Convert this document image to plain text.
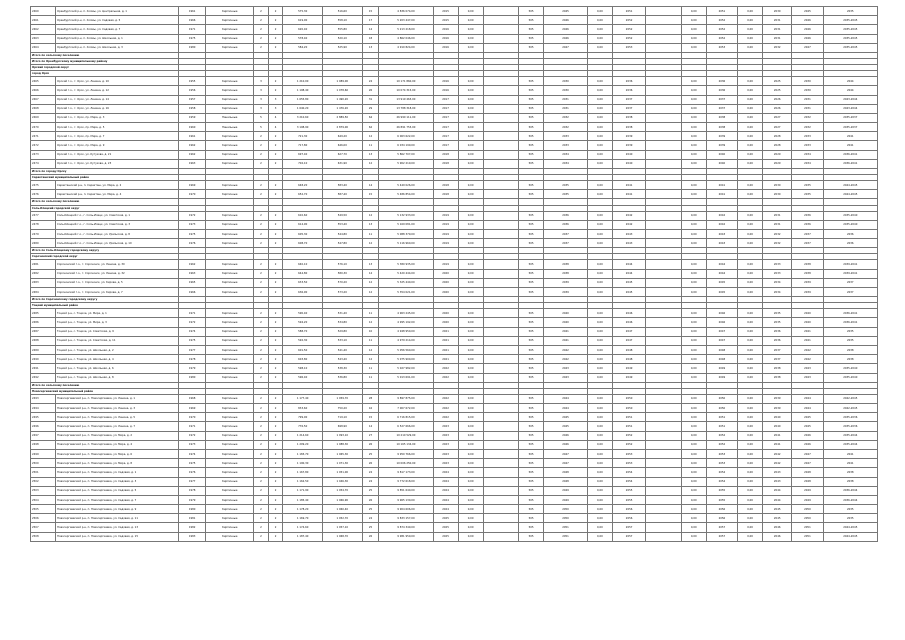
2460	Оренбургский р-н, п. Холмы, ул. Центральная, д. 1	1961	Кирпичные	2	2	575,30	516,60	15	4 836 074,00	2015	0,00		505	2045	0,00	2051		0,00	2051	0,00	2030	2045	2035
2461	Оренбургский р-н, п. Холмы, ул. Садовая, д. 5	1966	Кирпичные	2	2	619,00	558,10	17	5 203 447,00	2015	0,00		505	2046	0,00	2052		0,00	2052	0,00	2031	2046	2035-2045
2462	Оренбургский р-н, п. Холмы, ул. Садовая, д. 7	1971	Кирпичные	2	2	620,40	555,80	14	5 213 218,00	2016	0,00		505	2046	0,00	2052		0,00	2052	0,00	2031	2046	2035-2045
2463	Оренбургский р-н, п. Холмы, ул. Школьная, д. 1	1975	Кирпичные	2	2	578,40	520,10	18	4 862 046,00	2016	0,00		505	2046	0,00	2052		0,00	2052	0,00	2031	2046	2035-2045
2464	Оренбургский р-н, п. Холмы, ул. Школьная, д. 3	1980	Кирпичные	2	2	584,20	525,90	13	4 910 824,00	2016	0,00		505	2047	0,00	2053		0,00	2053	0,00	2032	2047	2035-2045
Итого по сельскому поселению																							
Итого по Оренбургскому муниципальному району																							
Орский городской округ																							
город Орск																							
2465	Орский г.о., г. Орск, ул. Ленина, д. 10	1955	Кирпичные	3	2	1 210,00	1 089,00	24	10 171 860,00	2016	0,00		505	2030	0,00	2036		0,00	2036	0,00	2025	2030	2044
2466	Орский г.о., г. Орск, ул. Ленина, д. 12	1956	Кирпичные	3	2	1 198,40	1 078,60	26	10 074 315,00	2016	0,00		505	2030	0,00	2036		0,00	2036	0,00	2025	2030	2044
2467	Орский г.о., г. Орск, ул. Ленина, д. 14	1957	Кирпичные	3	3	1 655,80	1 490,20	31	13 919 463,00	2017	0,00		505	2031	0,00	2037		0,00	2037	0,00	2026	2031	2043-2044
2468	Орский г.о., г. Орск, ул. Ленина, д. 16	1958	Кирпичные	3	3	1 640,20	1 476,20	29	13 788 318,00	2017	0,00		505	2031	0,00	2037		0,00	2037	0,00	2026	2031	2043-2044
2469	Орский г.о., г. Орск, пр. Мира, д. 3	1959	Панельные	5	4	3 210,60	2 889,50	64	26 990 111,00	2017	0,00		505	2032	0,00	2038		0,00	2038	0,00	2027	2032	2035-2037
2470	Орский г.о., г. Орск, пр. Мира, д. 5	1960	Панельные	5	4	3 198,90	2 879,00	62	26 891 753,00	2017	0,00		505	2032	0,00	2038		0,00	2038	0,00	2027	2032	2035-2037
2471	Орский г.о., г. Орск, пр. Мира, д. 7	1961	Кирпичные	2	2	721,30	649,20	12	6 063 622,00	2017	0,00		505	2033	0,00	2039		0,00	2039	0,00	2028	2033	2041
2472	Орский г.о., г. Орск, пр. Мира, д. 9	1962	Кирпичные	2	2	717,80	646,00	11	6 034 199,00	2017	0,00		505	2033	0,00	2039		0,00	2039	0,00	2028	2033	2041
2473	Орский г.о., г. Орск, ул. Кутузова, д. 21	1962	Кирпичные	2	2	697,40	627,70	13	5 862 707,00	2018	0,00		505	2034	0,00	2040		0,00	2040	0,00	2029	2034	2036-2041
2474	Орский г.о., г. Орск, ул. Кутузова, д. 23	1963	Кирпичные	2	2	702,10	631,90	12	5 902 219,00	2018	0,00		505	2034	0,00	2040		0,00	2040	0,00	2029	2034	2036-2041
Итого по городу Орску																							
Саракташский муниципальный район																							
2475	Саракташский р-н, п. Саракташ, ул. Мира, д. 2	1969	Кирпичные	2	2	648,20	583,40	14	5 449 026,00	2018	0,00		505	2035	0,00	2041		0,00	2041	0,00	2030	2035	2044-2045
2476	Саракташский р-н, п. Саракташ, ул. Мира, д. 4	1970	Кирпичные	2	2	652,70	587,40	15	5 486 854,00	2018	0,00		505	2035	0,00	2041		0,00	2041	0,00	2030	2035	2044-2045
Итого по сельскому поселению																							
Соль-Илецкий городской округ																							
2477	Соль-Илецкий г.о., г. Соль-Илецк, ул. Советская, д. 1	1972	Кирпичные	2	2	610,60	549,50	12	5 132 933,00	2019	0,00		505	2036	0,00	2042		0,00	2042	0,00	2031	2036	2035-2040
2478	Соль-Илецкий г.о., г. Соль-Илецк, ул. Советская, д. 3	1973	Кирпичные	2	2	614,90	553,40	13	5 169 081,00	2019	0,00		505	2036	0,00	2042		0,00	2042	0,00	2031	2036	2035-2040
2479	Соль-Илецкий г.о., г. Соль-Илецк, ул. Уральская, д. 8	1975	Кирпичные	2	2	605,30	544,80	11	5 088 379,00	2019	0,00		505	2037	0,00	2043		0,00	2043	0,00	2032	2037	2036
2480	Соль-Илецкий г.о., г. Соль-Илецк, ул. Уральская, д. 10	1976	Кирпичные	2	2	608,70	547,80	12	5 116 960,00	2019	0,00		505	2037	0,00	2043		0,00	2043	0,00	2032	2037	2036
Итого по Соль-Илецкому городскому округу																							
Сорочинский городской округ																							
2481	Сорочинский г.о., г. Сорочинск, ул. Ленина, д. 30	1962	Кирпичные	2	2	640,10	576,10	13	5 380 935,00	2019	0,00		505	2038	0,00	2044		0,00	2044	0,00	2033	2038	2039-2041
2482	Сорочинский г.о., г. Сорочинск, ул. Ленина, д. 32	1963	Кирпичные	2	2	644,80	580,30	14	5 420 444,00	2020	0,00		505	2038	0,00	2044		0,00	2044	0,00	2033	2038	2039-2041
2483	Сорочинский г.о., г. Сорочинск, ул. Кирова, д. 5	1965	Кирпичные	2	2	633,50	570,20	12	5 325 440,00	2020	0,00		505	2039	0,00	2045		0,00	2045	0,00	2034	2039	2037
2484	Сорочинский г.о., г. Сорочинск, ул. Кирова, д. 7	1966	Кирпичные	2	2	636,90	573,20	12	5 354 021,00	2020	0,00		505	2039	0,00	2045		0,00	2045	0,00	2034	2039	2037
Итого по Сорочинскому городскому округу																							
Тоцкий муниципальный район																							
2485	Тоцкий р-н, с. Тоцкое, ул. Мира, д. 1	1971	Кирпичные	2	2	590,40	531,40	11	4 963 245,00	2020	0,00		505	2040	0,00	2046		0,00	2046	0,00	2035	2040	2036-2041
2486	Тоцкий р-н, с. Тоцкое, ул. Мира, д. 3	1972	Кирпичные	2	2	594,20	534,80	12	4 995 192,00	2020	0,00		505	2040	0,00	2046		0,00	2046	0,00	2035	2040	2036-2041
2487	Тоцкий р-н, с. Тоцкое, ул. Советская, д. 9	1974	Кирпичные	2	2	588,70	529,80	10	4 948 950,00	2021	0,00		505	2041	0,00	2047		0,00	2047	0,00	2036	2041	2035
2488	Тоцкий р-н, с. Тоцкое, ул. Советская, д. 11	1975	Кирпичные	2	2	592,30	533,10	11	4 979 214,00	2021	0,00		505	2041	0,00	2047		0,00	2047	0,00	2036	2041	2035
2489	Тоцкий р-н, с. Тоцкое, ул. Школьная, д. 2	1977	Кирпичные	2	2	601,50	541,40	12	5 056 560,00	2021	0,00		505	2042	0,00	2048		0,00	2048	0,00	2037	2042	2038
2490	Тоцкий р-н, с. Тоцкое, ул. Школьная, д. 4	1978	Кирпичные	2	2	603,80	543,40	12	5 075 900,00	2021	0,00		505	2042	0,00	2048		0,00	2048	0,00	2037	2042	2038
2491	Тоцкий р-н, с. Тоцкое, ул. Школьная, д. 6	1979	Кирпичные	2	2	598,10	538,30	11	5 027 982,00	2022	0,00		505	2043	0,00	2049		0,00	2049	0,00	2038	2043	2035-2040
2492	Тоцкий р-н, с. Тоцкое, ул. Школьная, д. 8	1980	Кирпичные	2	2	596,40	536,80	11	5 013 691,00	2022	0,00		505	2043	0,00	2049		0,00	2049	0,00	2038	2043	2035-2040
Итого по сельскому поселению																							
Новосергиевский муниципальный район																							
2493	Новосергиевский р-н, п. Новосергиевка, ул. Ленина, д. 1	1968	Кирпичные	2	2	1 177,40	1 059,70	28	9 897 875,00	2022	0,00		505	2044	0,00	2050		0,00	2050	0,00	2039	2044	2042-2045
2494	Новосергиевский р-н, п. Новосергиевка, ул. Ленина, д. 3	1969	Кирпичные	2	2	833,60	750,20	16	7 007 672,00	2022	0,00		505	2044	0,00	2050		0,00	2050	0,00	2039	2044	2042-2045
2495	Новосергиевский р-н, п. Новосергиевка, ул. Ленина, д. 5	1970	Кирпичные	2	2	799,00	719,10	15	6 716 815,00	2022	0,00		505	2045	0,00	2051		0,00	2051	0,00	2040	2045	2035-2036
2496	Новосергиевский р-н, п. Новосергиевка, ул. Ленина, д. 7	1971	Кирпичные	2	2	776,50	698,90	14	6 527 666,00	2023	0,00		505	2045	0,00	2051		0,00	2051	0,00	2040	2045	2035-2036
2497	Новосергиевский р-н, п. Новосергиевка, ул. Мира, д. 2	1972	Кирпичные	2	2	1 214,60	1 093,10	27	10 210 529,00	2023	0,00		505	2046	0,00	2052		0,00	2052	0,00	2041	2046	2035-2044
2498	Новосергиевский р-н, п. Новосергиевка, ул. Мира, д. 4	1973	Кирпичные	2	2	1 209,20	1 088,30	26	10 165 134,00	2023	0,00		505	2046	0,00	2052		0,00	2052	0,00	2041	2046	2035-2044
2499	Новосергиевский р-н, п. Новосергиевка, ул. Мира, д. 6	1974	Кирпичные	2	2	1 183,70	1 065,30	25	9 950 766,00	2023	0,00		505	2047	0,00	2053		0,00	2053	0,00	2042	2047	2041
2500	Новосергиевский р-н, п. Новосергиевка, ул. Мира, д. 8	1975	Кирпичные	2	2	1 190,30	1 071,30	26	10 006 250,00	2023	0,00		505	2047	0,00	2053		0,00	2053	0,00	2042	2047	2041
2501	Новосергиевский р-н, п. Новосергиевка, ул. Садовая, д. 1	1976	Кирпичные	2	2	1 167,80	1 051,00	24	9 817 173,00	2024	0,00		505	2048	0,00	2054		0,00	2054	0,00	2043	2048	2038
2502	Новосергиевский р-н, п. Новосергиевка, ул. Садовая, д. 3	1977	Кирпичные	2	2	1 162,50	1 046,30	24	9 772 618,00	2024	0,00		505	2048	0,00	2054		0,00	2054	0,00	2043	2048	2038
2503	Новосергиевский р-н, п. Новосергиевка, ул. Садовая, д. 5	1978	Кирпичные	2	2	1 171,90	1 054,70	25	9 851 640,00	2024	0,00		505	2049	0,00	2055		0,00	2055	0,00	2044	2049	2036-2044
2504	Новосергиевский р-н, п. Новосергиевка, ул. Садовая, д. 7	1979	Кирпичные	2	2	1 185,40	1 066,90	26	9 965 130,00	2024	0,00		505	2049	0,00	2055		0,00	2055	0,00	2044	2049	2036-2044
2505	Новосергиевский р-н, п. Новосергиевка, ул. Садовая, д. 9	1980	Кирпичные	2	2	1 178,20	1 060,40	25	9 904 606,00	2024	0,00		505	2050	0,00	2056		0,00	2056	0,00	2045	2050	2035
2506	Новосергиевский р-н, п. Новосергиевка, ул. Садовая, д. 11	1981	Кирпичные	2	2	1 169,70	1 052,70	24	9 833 157,00	2025	0,00		505	2050	0,00	2056		0,00	2056	0,00	2045	2050	2035
2507	Новосергиевский р-н, п. Новосергиевка, ул. Садовая, д. 13	1982	Кирпичные	2	2	1 174,60	1 057,10	25	9 874 349,00	2025	0,00		505	2051	0,00	2057		0,00	2057	0,00	2046	2051	2044-2045
2508	Новосергиевский р-н, п. Новосергиевка, ул. Садовая, д. 15	1983	Кирпичные	2	2	1 187,40	1 068,70	26	9 981 959,00	2025	0,00		505	2051	0,00	2057		0,00	2057	0,00	2046	2051	2044-2045
